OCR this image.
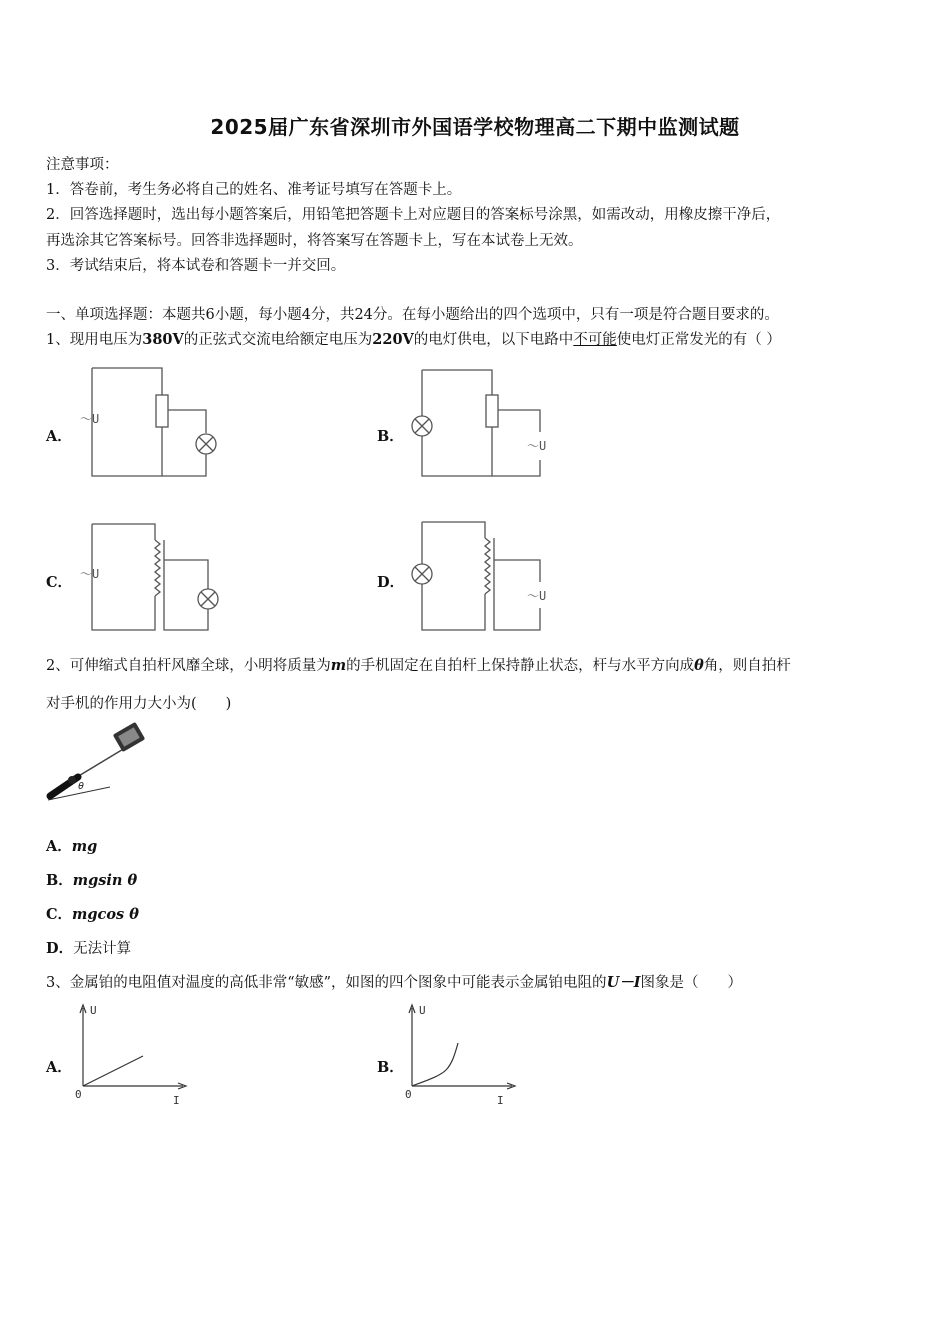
2025届广东省深圳市外国语学校物理高二下期中监测试题
注意事项：
1．答卷前，考生务必将自己的姓名、准考证号填写在答题卡上。
2．回答选择题时，选出每小题答案后，用铅笔把答题卡上对应题目的答案标号涂黑，如需改动，用橡皮擦干净后，
再选涂其它答案标号。回答非选择题时，将答案写在答题卡上，写在本试卷上无效。
3．考试结束后，将本试卷和答题卡一并交回。
一、单项选择题：本题共6小题，每小题4分，共24分。在每小题给出的四个选项中，只有一项是符合题目要求的。
1、现用电压为380V的正弦式交流电给额定电压为220V的电灯供电，以下电路中不可能使电灯正常发光的有（ ）
A．	B．
C．	D．
～U
～U
～U
～U
2、可伸缩式自拍杆风靡全球，小明将质量为m的手机固定在自拍杆上保持静止状态，杆与水平方向成θ角，则自拍杆
对手机的作用力大小为(　　)
θ
A．mg
B．mgsin θ
C．mgcos θ
D．无法计算
3、金属铂的电阻值对温度的高低非常“敏感”，如图的四个图象中可能表示金属铂电阻的U－I图象是（　　）
A．	B．
U
I
0
U
I
0
